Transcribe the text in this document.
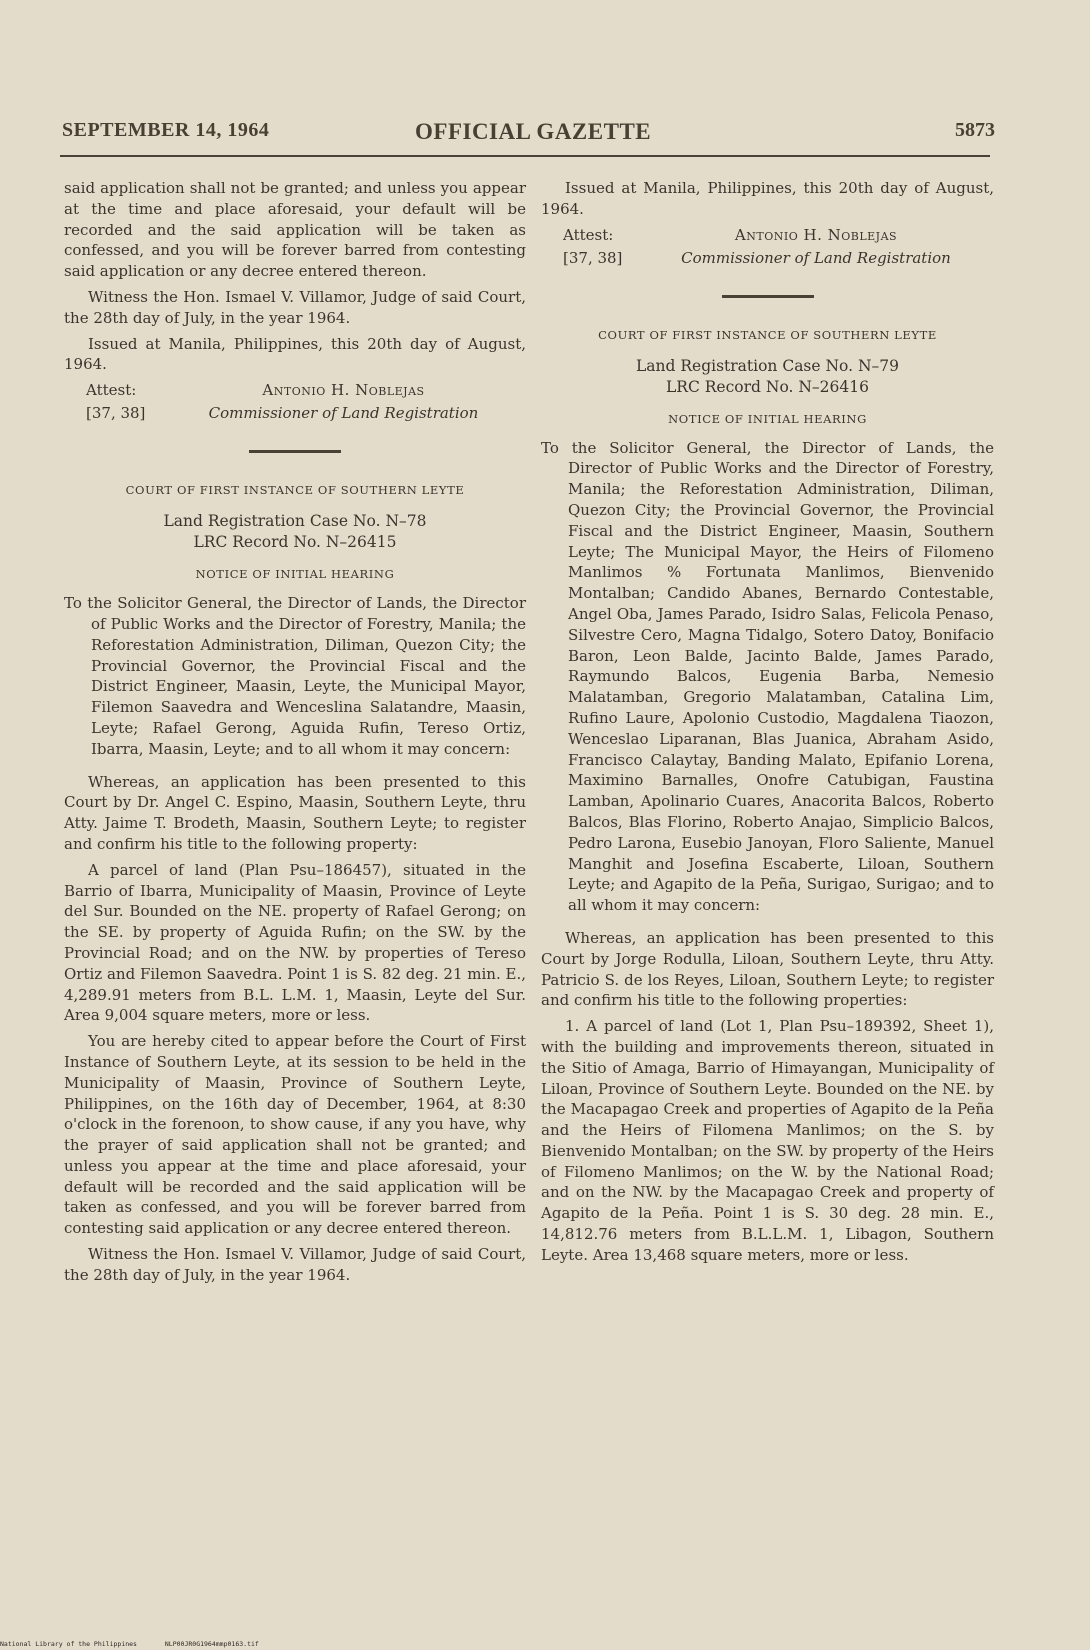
SEPTEMBER 14, 1964	OFFICIAL GAZETTE	5873

said application shall not be granted; and unless you appear at the time and place aforesaid, your default will be recorded and the said application will be taken as confessed, and you will be forever barred from contesting said application or any decree entered thereon.

Witness the Hon. Ismael V. Villamor, Judge of said Court, the 28th day of July, in the year 1964.

Issued at Manila, Philippines, this 20th day of August, 1964.

Attest:	Antonio H. Noblejas
[37, 38]	Commissioner of Land Registration
COURT OF FIRST INSTANCE OF SOUTHERN LEYTE
Land Registration Case No. N–78
LRC Record No. N–26415
NOTICE OF INITIAL HEARING
To the Solicitor General, the Director of Lands, the Director of Public Works and the Director of Forestry, Manila; the Reforestation Administration, Diliman, Quezon City; the Provincial Governor, the Provincial Fiscal and the District Engineer, Maasin, Leyte, the Municipal Mayor, Filemon Saavedra and Wenceslina Salatandre, Maasin, Leyte; Rafael Gerong, Aguida Rufin, Tereso Ortiz, Ibarra, Maasin, Leyte; and to all whom it may concern:

Whereas, an application has been presented to this Court by Dr. Angel C. Espino, Maasin, Southern Leyte, thru Atty. Jaime T. Brodeth, Maasin, Southern Leyte; to register and confirm his title to the following property:

A parcel of land (Plan Psu–186457), situated in the Barrio of Ibarra, Municipality of Maasin, Province of Leyte del Sur. Bounded on the NE. property of Rafael Gerong; on the SE. by property of Aguida Rufin; on the SW. by the Provincial Road; and on the NW. by properties of Tereso Ortiz and Filemon Saavedra. Point 1 is S. 82 deg. 21 min. E., 4,289.91 meters from B.L. L.M. 1, Maasin, Leyte del Sur. Area 9,004 square meters, more or less.

You are hereby cited to appear before the Court of First Instance of Southern Leyte, at its session to be held in the Municipality of Maasin, Province of Southern Leyte, Philippines, on the 16th day of December, 1964, at 8:30 o'clock in the forenoon, to show cause, if any you have, why the prayer of said application shall not be granted; and unless you appear at the time and place aforesaid, your default will be recorded and the said application will be taken as confessed, and you will be forever barred from contesting said application or any decree entered thereon.

Witness the Hon. Ismael V. Villamor, Judge of said Court, the 28th day of July, in the year 1964.

Issued at Manila, Philippines, this 20th day of August, 1964.

Attest:	Antonio H. Noblejas
[37, 38]	Commissioner of Land Registration
COURT OF FIRST INSTANCE OF SOUTHERN LEYTE
Land Registration Case No. N–79
LRC Record No. N–26416
NOTICE OF INITIAL HEARING
To the Solicitor General, the Director of Lands, the Director of Public Works and the Director of Forestry, Manila; the Reforestation Administration, Diliman, Quezon City; the Provincial Governor, the Provincial Fiscal and the District Engineer, Maasin, Southern Leyte; The Municipal Mayor, the Heirs of Filomeno Manlimos % Fortunata Manlimos, Bienvenido Montalban; Candido Abanes, Bernardo Contestable, Angel Oba, James Parado, Isidro Salas, Felicola Penaso, Silvestre Cero, Magna Tidalgo, Sotero Datoy, Bonifacio Baron, Leon Balde, Jacinto Balde, James Parado, Raymundo Balcos, Eugenia Barba, Nemesio Malatamban, Gregorio Malatamban, Catalina Lim, Rufino Laure, Apolonio Custodio, Magdalena Tiaozon, Wenceslao Liparanan, Blas Juanica, Abraham Asido, Francisco Calaytay, Banding Malato, Epifanio Lorena, Maximino Barnalles, Onofre Catubigan, Faustina Lamban, Apolinario Cuares, Anacorita Balcos, Roberto Balcos, Blas Florino, Roberto Anajao, Simplicio Balcos, Pedro Larona, Eusebio Janoyan, Floro Saliente, Manuel Manghit and Josefina Escaberte, Liloan, Southern Leyte; and Agapito de la Peña, Surigao, Surigao; and to all whom it may concern:

Whereas, an application has been presented to this Court by Jorge Rodulla, Liloan, Southern Leyte, thru Atty. Patricio S. de los Reyes, Liloan, Southern Leyte; to register and confirm his title to the following properties:

1. A parcel of land (Lot 1, Plan Psu–189392, Sheet 1), with the building and improvements thereon, situated in the Sitio of Amaga, Barrio of Himayangan, Municipality of Liloan, Province of Southern Leyte. Bounded on the NE. by the Macapagao Creek and properties of Agapito de la Peña and the Heirs of Filomena Manlimos; on the S. by Bienvenido Montalban; on the SW. by property of the Heirs of Filomeno Manlimos; on the W. by the National Road; and on the NW. by the Macapagao Creek and property of Agapito de la Peña. Point 1 is S. 30 deg. 28 min. E., 14,812.76 meters from B.L.L.M. 1, Libagon, Southern Leyte. Area 13,468 square meters, more or less.

National Library of the Philippines	NLP00JR0G1964mmp0163.tif
